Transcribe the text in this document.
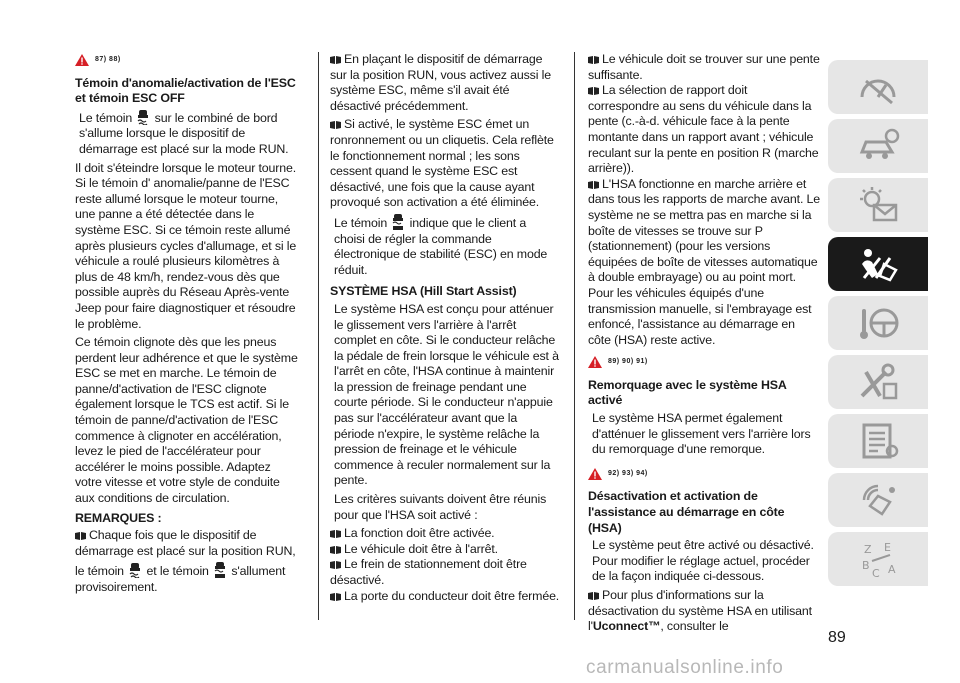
87) 88)
Témoin d'anomalie/activation de l'ESC et témoin ESC OFF

Le témoin sur le combiné de bord s'allume lorsque le dispositif de démarrage est placé sur la mode RUN.

Il doit s'éteindre lorsque le moteur tourne. Si le témoin d' anomalie/panne de l'ESC reste allumé lorsque le moteur tourne, une panne a été détectée dans le système ESC. Si ce témoin reste allumé après plusieurs cycles d'allumage, et si le véhicule a roulé plusieurs kilomètres à plus de 48 km/h, rendez-vous dès que possible auprès du Réseau Après-vente Jeep pour faire diagnostiquer et résoudre le problème.

Ce témoin clignote dès que les pneus perdent leur adhérence et que le système ESC se met en marche. Le témoin de panne/d'activation de l'ESC clignote également lorsque le TCS est actif. Si le témoin de panne/d'activation de l'ESC commence à clignoter en accélération, levez le pied de l'accélérateur pour accélérer le moins possible. Adaptez votre vitesse et votre style de conduite aux conditions de circulation.

REMARQUES :

Chaque fois que le dispositif de démarrage est placé sur la position RUN,

le témoin et le témoin s'allument provisoirement.

En plaçant le dispositif de démarrage sur la position RUN, vous activez aussi le système ESC, même s'il avait été désactivé précédemment.

Si activé, le système ESC émet un ronronnement ou un cliquetis. Cela reflète le fonctionnement normal ; les sons cessent quand le système ESC est désactivé, une fois que la cause ayant provoqué son activation a été éliminée.

Le témoin indique que le client a choisi de régler la commande électronique de stabilité (ESC) en mode réduit.

SYSTÈME HSA (Hill Start Assist)

Le système HSA est conçu pour atténuer le glissement vers l'arrière à l'arrêt complet en côte. Si le conducteur relâche la pédale de frein lorsque le véhicule est à l'arrêt en côte, l'HSA continue à maintenir la pression de freinage pendant une courte période. Si le conducteur n'appuie pas sur l'accélérateur avant que la période n'expire, le système relâche la pression de freinage et le véhicule commence à reculer normalement sur la pente.

Les critères suivants doivent être réunis pour que l'HSA soit activé :

La fonction doit être activée.

Le véhicule doit être à l'arrêt.

Le frein de stationnement doit être désactivé.

La porte du conducteur doit être fermée.

Le véhicule doit se trouver sur une pente suffisante.

La sélection de rapport doit correspondre au sens du véhicule dans la pente (c.-à-d. véhicule face à la pente montante dans un rapport avant ; véhicule reculant sur la pente en position R (marche arrière)).

L'HSA fonctionne en marche arrière et dans tous les rapports de marche avant. Le système ne se mettra pas en marche si la boîte de vitesses se trouve sur P (stationnement) (pour les versions équipées de boîte de vitesses automatique à double embrayage) ou au point mort. Pour les véhicules équipés d'une transmission manuelle, si l'embrayage est enfoncé, l'assistance au démarrage en côte (HSA) reste active.

89) 90) 91)
Remorquage avec le système HSA activé

Le système HSA permet également d'atténuer le glissement vers l'arrière lors du remorquage d'une remorque.

92) 93) 94)
Désactivation et activation de l'assistance au démarrage en côte (HSA)

Le système peut être activé ou désactivé. Pour modifier le réglage actuel, procéder de la façon indiquée ci-dessous.

Pour plus d'informations sur la désactivation du système HSA en utilisant l'Uconnect™, consulter le

Z E
B
C A
89
carmanualsonline.info
